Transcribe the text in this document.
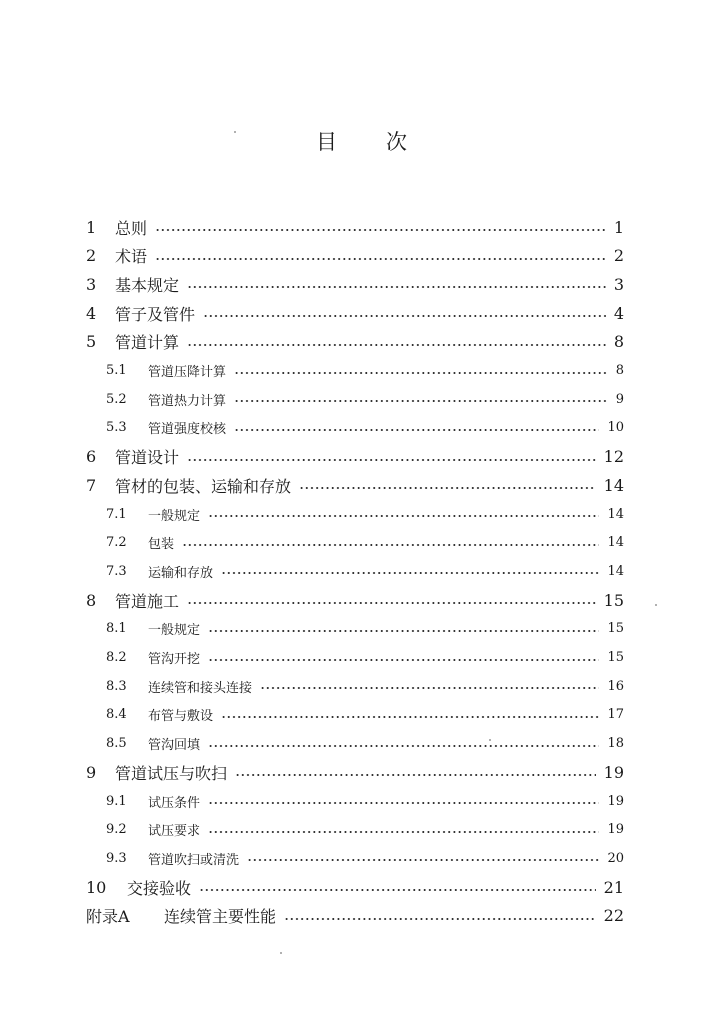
目 次
1 总则	1
2 术语	2
3 基本规定	3
4 管子及管件	4
5 管道计算	8
5.1 管道压降计算	8
5.2 管道热力计算	9
5.3 管道强度校核	10
6 管道设计	12
7 管材的包装、运输和存放	14
7.1 一般规定	14
7.2 包装	14
7.3 运输和存放	14
8 管道施工	15
8.1 一般规定	15
8.2 管沟开挖	15
8.3 连续管和接头连接	16
8.4 布管与敷设	17
8.5 管沟回填	18
9 管道试压与吹扫	19
9.1 试压条件	19
9.2 试压要求	19
9.3 管道吹扫或清洗	20
10 交接验收	21
附录A 连续管主要性能	22
